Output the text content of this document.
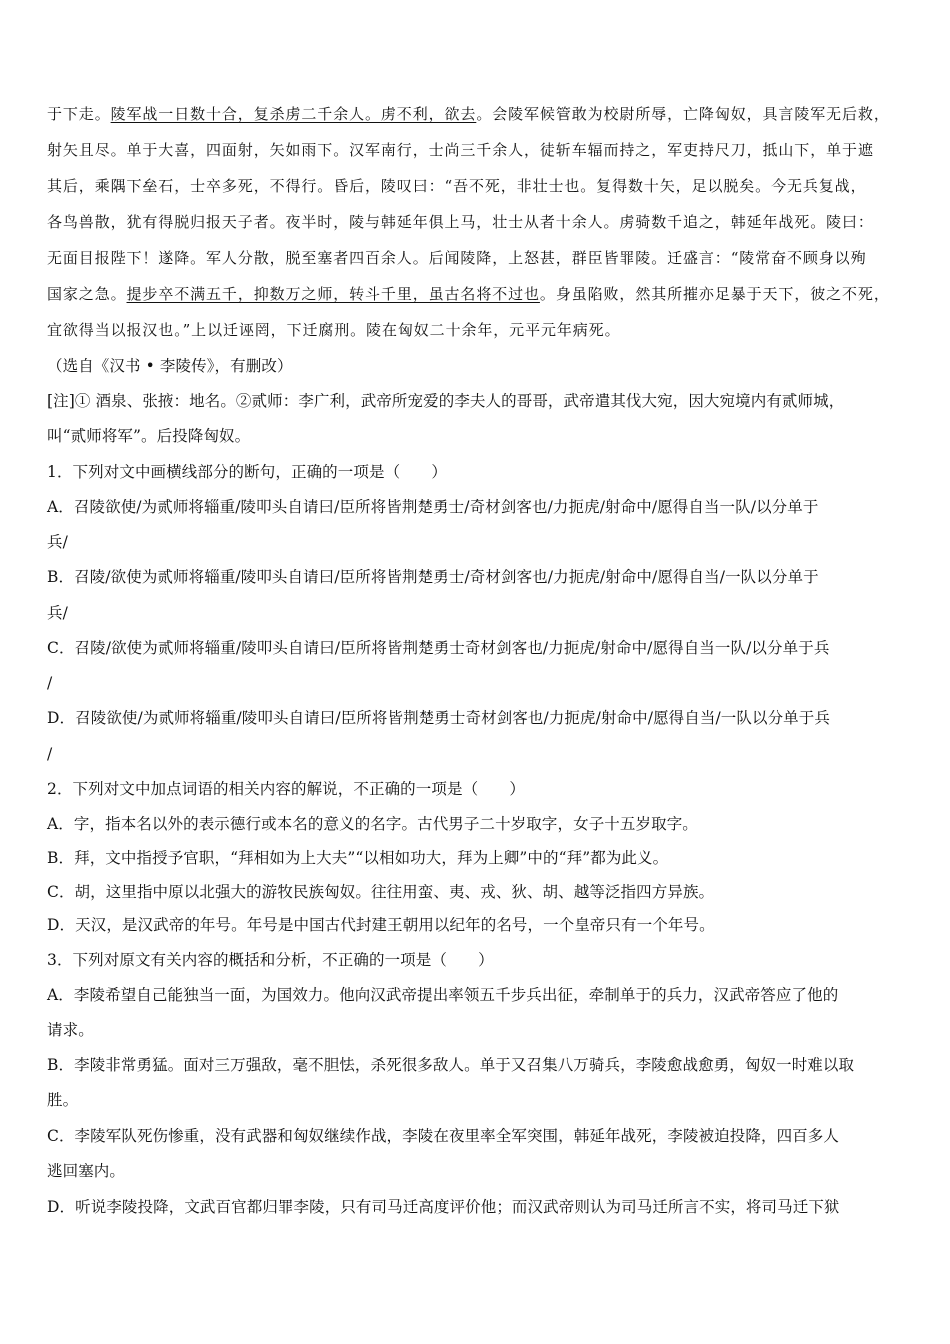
于下走。陵军战一日数十合，复杀虏二千余人。虏不利，欲去。会陵军候管敢为校尉所辱，亡降匈奴，具言陵军无后救，
射矢且尽。单于大喜，四面射，矢如雨下。汉军南行，士尚三千余人，徒斩车辐而持之，军吏持尺刀，抵山下，单于遮
其后，乘隅下垒石，士卒多死，不得行。昏后，陵叹曰：“吾不死，非壮士也。复得数十矢，足以脱矣。今无兵复战，
各鸟兽散，犹有得脱归报天子者。夜半时，陵与韩延年俱上马，壮士从者十余人。虏骑数千追之，韩延年战死。陵曰：
无面目报陛下！遂降。军人分散，脱至塞者四百余人。后闻陵降，上怒甚，群臣皆罪陵。迁盛言：“陵常奋不顾身以殉
国家之急。提步卒不满五千，抑数万之师，转斗千里，虽古名将不过也。身虽陷败，然其所摧亦足暴于天下，彼之不死，
宜欲得当以报汉也。”上以迁诬罔，下迁腐刑。陵在匈奴二十余年，元平元年病死。
（选自《汉书 • 李陵传》，有删改）
[注]① 酒泉、张掖：地名。②贰师：李广利，武帝所宠爱的李夫人的哥哥，武帝遣其伐大宛，因大宛境内有贰师城，
叫“贰师将军”。后投降匈奴。
1．下列对文中画横线部分的断句，正确的一项是（　　）
A．召陵欲使/为贰师将辎重/陵叩头自请曰/臣所将皆荆楚勇士/奇材剑客也/力扼虎/射命中/愿得自当一队/以分单于
兵/
B．召陵/欲使为贰师将辎重/陵叩头自请曰/臣所将皆荆楚勇士/奇材剑客也/力扼虎/射命中/愿得自当/一队以分单于
兵/
C．召陵/欲使为贰师将辎重/陵叩头自请曰/臣所将皆荆楚勇士奇材剑客也/力扼虎/射命中/愿得自当一队/以分单于兵
/
D．召陵欲使/为贰师将辎重/陵叩头自请曰/臣所将皆荆楚勇士奇材剑客也/力扼虎/射命中/愿得自当/一队以分单于兵
/
2．下列对文中加点词语的相关内容的解说，不正确的一项是（　　）
A．字，指本名以外的表示德行或本名的意义的名字。古代男子二十岁取字，女子十五岁取字。
B．拜，文中指授予官职，“拜相如为上大夫”“以相如功大，拜为上卿”中的“拜”都为此义。
C．胡，这里指中原以北强大的游牧民族匈奴。往往用蛮、夷、戎、狄、胡、越等泛指四方异族。
D．天汉，是汉武帝的年号。年号是中国古代封建王朝用以纪年的名号，一个皇帝只有一个年号。
3．下列对原文有关内容的概括和分析，不正确的一项是（　　）
A．李陵希望自己能独当一面，为国效力。他向汉武帝提出率领五千步兵出征，牵制单于的兵力，汉武帝答应了他的
请求。
B．李陵非常勇猛。面对三万强敌，毫不胆怯，杀死很多敌人。单于又召集八万骑兵，李陵愈战愈勇，匈奴一时难以取
胜。
C．李陵军队死伤惨重，没有武器和匈奴继续作战，李陵在夜里率全军突围，韩延年战死，李陵被迫投降，四百多人
逃回塞内。
D．听说李陵投降，文武百官都归罪李陵，只有司马迁高度评价他；而汉武帝则认为司马迁所言不实，将司马迁下狱
